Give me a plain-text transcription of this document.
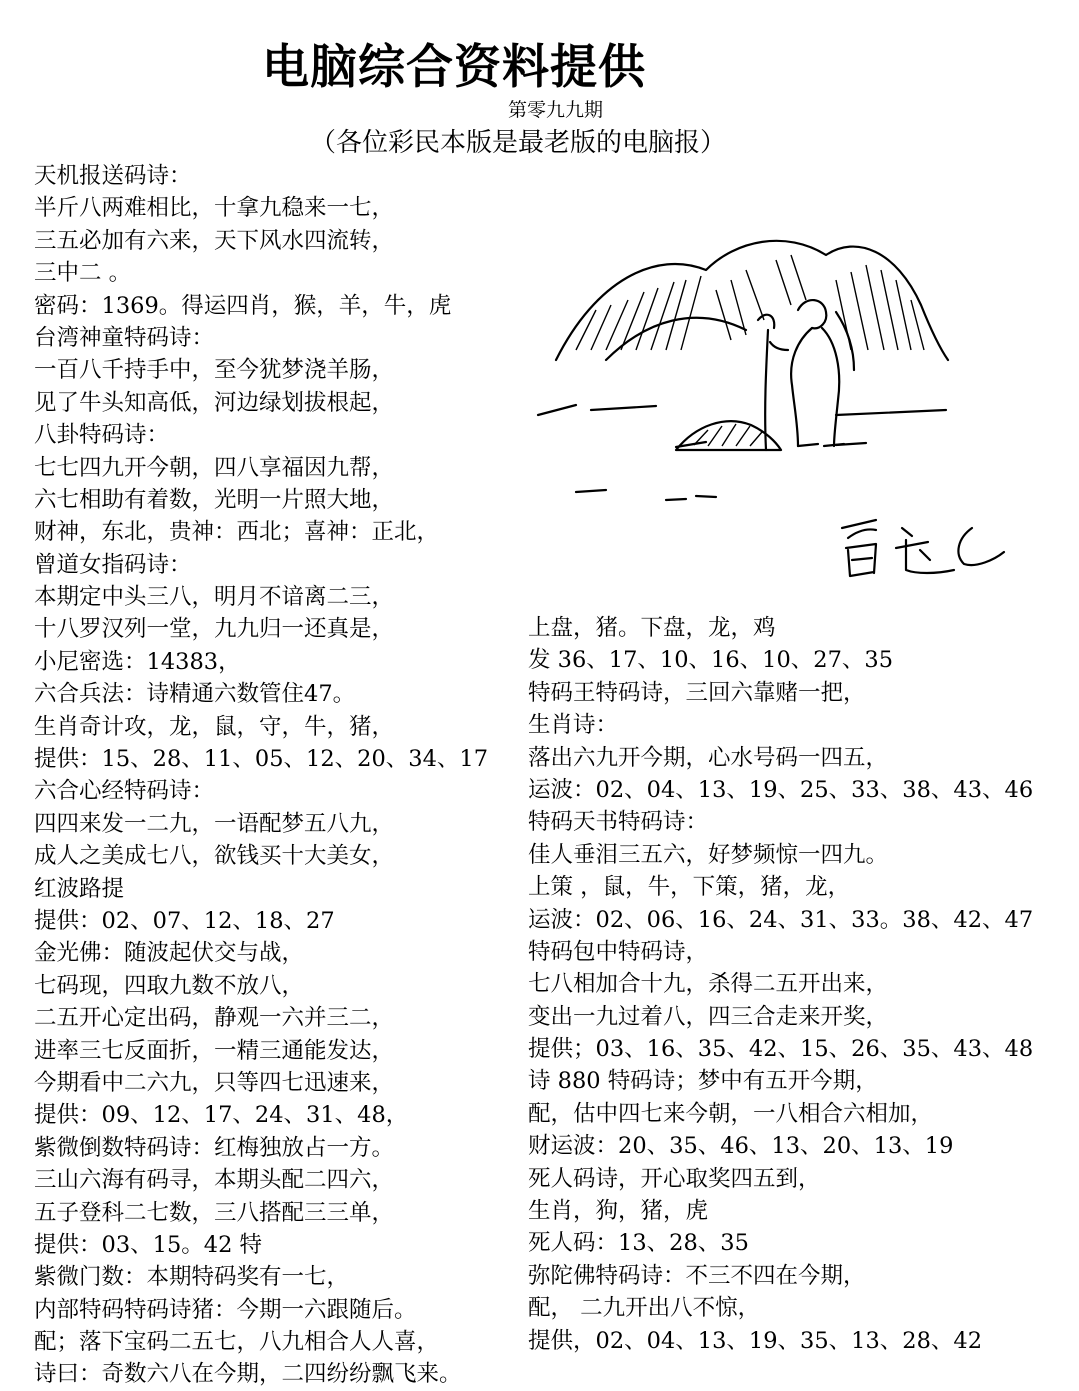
电脑综合资料提供
第零九九期
（各位彩民本版是最老版的电脑报）
天机报送码诗：
半斤八两难相比，十拿九稳来一七，
三五必加有六来，天下风水四流转，
三中二 。
密码：1369。得运四肖，猴，羊，牛，虎
台湾神童特码诗：
一百八千持手中，至今犹梦浇羊肠，
见了牛头知高低，河边绿划拔根起，
八卦特码诗：
七七四九开今朝，四八享福因九帮，
六七相助有着数，光明一片照大地，
财神，东北，贵神：西北；喜神：正北，
曾道女指码诗：
本期定中头三八，明月不谙离二三，
十八罗汉列一堂，九九归一还真是，
小尼密选：14383，
六合兵法：诗精通六数管住47。
生肖奇计攻，龙，鼠，守，牛，猪，
提供：15、28、11、05、12、20、34、17
六合心经特码诗：
四四来发一二九，一语配梦五八九，
成人之美成七八，欲钱买十大美女，
红波路提
提供：02、07、12、18、27
金光佛：随波起伏交与战，
七码现，四取九数不放八，
二五开心定出码，静观一六并三二，
进率三七反面折，一精三通能发达，
今期看中二六九，只等四七迅速来，
提供：09、12、17、24、31、48，
紫微倒数特码诗：红梅独放占一方。
三山六海有码寻，本期头配二四六，
五子登科二七数，三八搭配三三单，
提供：03、15。42 特
紫微门数：本期特码奖有一七，
内部特码特码诗猪：今期一六跟随后。
配；落下宝码二五七，八九相合人人喜，
诗曰：奇数六八在今期，二四纷纷飘飞来。
上盘，猪。下盘，龙，鸡
发 36、17、10、16、10、27、35
特码王特码诗，三回六靠赌一把，
生肖诗：
落出六九开今期，心水号码一四五，
运波：02、04、13、19、25、33、38、43、46
特码天书特码诗：
佳人垂泪三五六，好梦频惊一四九。
上策 ，鼠，牛，下策，猪，龙，
运波：02、06、16、24、31、33。38、42、47
特码包中特码诗，
七八相加合十九，杀得二五开出来，
变出一九过着八，四三合走来开奖，
提供；03、16、35、42、15、26、35、43、48
诗 880 特码诗；梦中有五开今期，
配，估中四七来今朝，一八相合六相加，
财运波：20、35、46、13、20、13、19
死人码诗，开心取奖四五到，
生肖，狗，猪，虎
死人码：13、28、35
弥陀佛特码诗：不三不四在今期，
配， 二九开出八不惊，
提供，02、04、13、19、35、13、28、42
